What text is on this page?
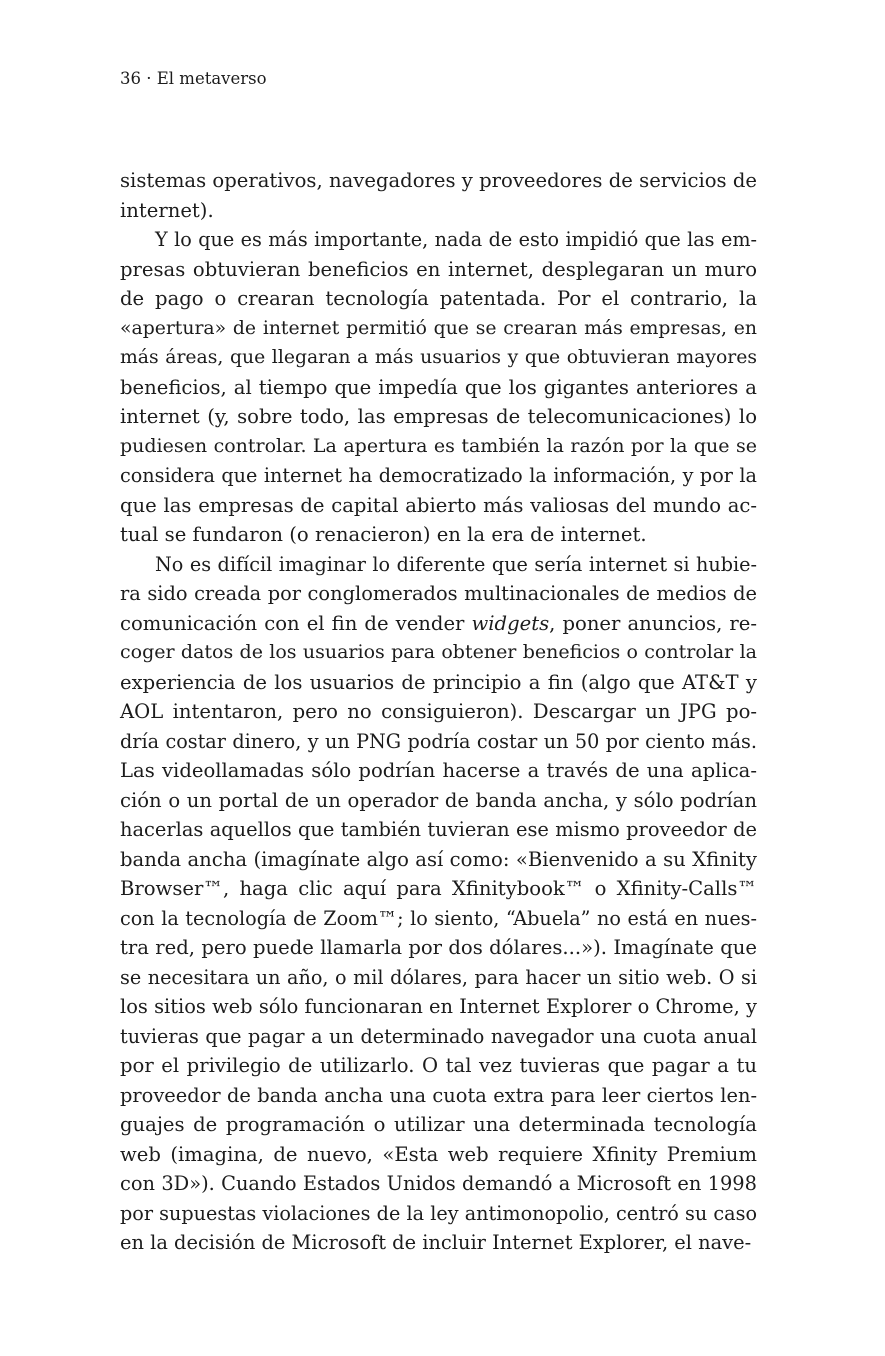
36 · El metaverso
sistemas operativos, navegadores y proveedores de servicios de
internet).
Y lo que es más importante, nada de esto impidió que las em-
presas obtuvieran beneficios en internet, desplegaran un muro
de pago o crearan tecnología patentada. Por el contrario, la
«apertura» de internet permitió que se crearan más empresas, en
más áreas, que llegaran a más usuarios y que obtuvieran mayores
beneficios, al tiempo que impedía que los gigantes anteriores a
internet (y, sobre todo, las empresas de telecomunicaciones) lo
pudiesen controlar. La apertura es también la razón por la que se
considera que internet ha democratizado la información, y por la
que las empresas de capital abierto más valiosas del mundo ac-
tual se fundaron (o renacieron) en la era de internet.
No es difícil imaginar lo diferente que sería internet si hubie-
ra sido creada por conglomerados multinacionales de medios de
comunicación con el fin de vender widgets, poner anuncios, re-
coger datos de los usuarios para obtener beneficios o controlar la
experiencia de los usuarios de principio a fin (algo que AT&T y
AOL intentaron, pero no consiguieron). Descargar un JPG po-
dría costar dinero, y un PNG podría costar un 50 por ciento más.
Las videollamadas sólo podrían hacerse a través de una aplica-
ción o un portal de un operador de banda ancha, y sólo podrían
hacerlas aquellos que también tuvieran ese mismo proveedor de
banda ancha (imagínate algo así como: «Bienvenido a su Xfinity
Browser™, haga clic aquí para Xfinitybook™ o Xfinity-Calls™
con la tecnología de Zoom™; lo siento, “Abuela” no está en nues-
tra red, pero puede llamarla por dos dólares...»). Imagínate que
se necesitara un año, o mil dólares, para hacer un sitio web. O si
los sitios web sólo funcionaran en Internet Explorer o Chrome, y
tuvieras que pagar a un determinado navegador una cuota anual
por el privilegio de utilizarlo. O tal vez tuvieras que pagar a tu
proveedor de banda ancha una cuota extra para leer ciertos len-
guajes de programación o utilizar una determinada tecnología
web (imagina, de nuevo, «Esta web requiere Xfinity Premium
con 3D»). Cuando Estados Unidos demandó a Microsoft en 1998
por supuestas violaciones de la ley antimonopolio, centró su caso
en la decisión de Microsoft de incluir Internet Explorer, el nave-
